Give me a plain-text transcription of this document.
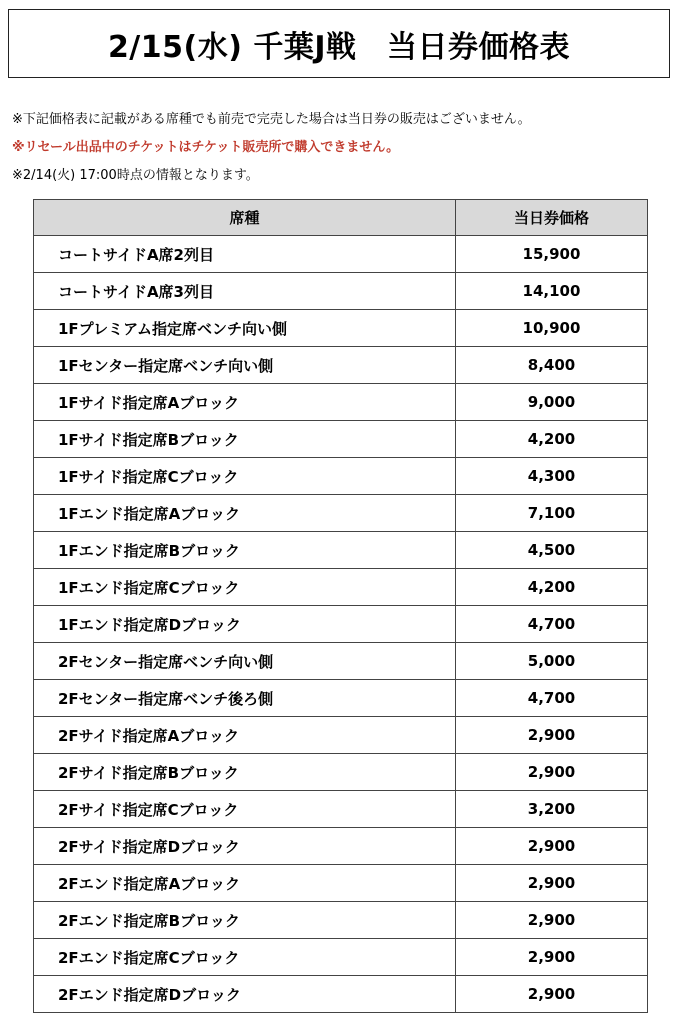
2/15(水) 千葉J戦　当日券価格表
※下記価格表に記載がある席種でも前売で完売した場合は当日券の販売はございません。
※リセール出品中のチケットはチケット販売所で購入できません。
※2/14(火) 17:00時点の情報となります。
席種	当日券価格
コートサイドA席2列目	15,900
コートサイドA席3列目	14,100
1Fプレミアム指定席ベンチ向い側	10,900
1Fセンター指定席ベンチ向い側	8,400
1Fサイド指定席Aブロック	9,000
1Fサイド指定席Bブロック	4,200
1Fサイド指定席Cブロック	4,300
1Fエンド指定席Aブロック	7,100
1Fエンド指定席Bブロック	4,500
1Fエンド指定席Cブロック	4,200
1Fエンド指定席Dブロック	4,700
2Fセンター指定席ベンチ向い側	5,000
2Fセンター指定席ベンチ後ろ側	4,700
2Fサイド指定席Aブロック	2,900
2Fサイド指定席Bブロック	2,900
2Fサイド指定席Cブロック	3,200
2Fサイド指定席Dブロック	2,900
2Fエンド指定席Aブロック	2,900
2Fエンド指定席Bブロック	2,900
2Fエンド指定席Cブロック	2,900
2Fエンド指定席Dブロック	2,900
